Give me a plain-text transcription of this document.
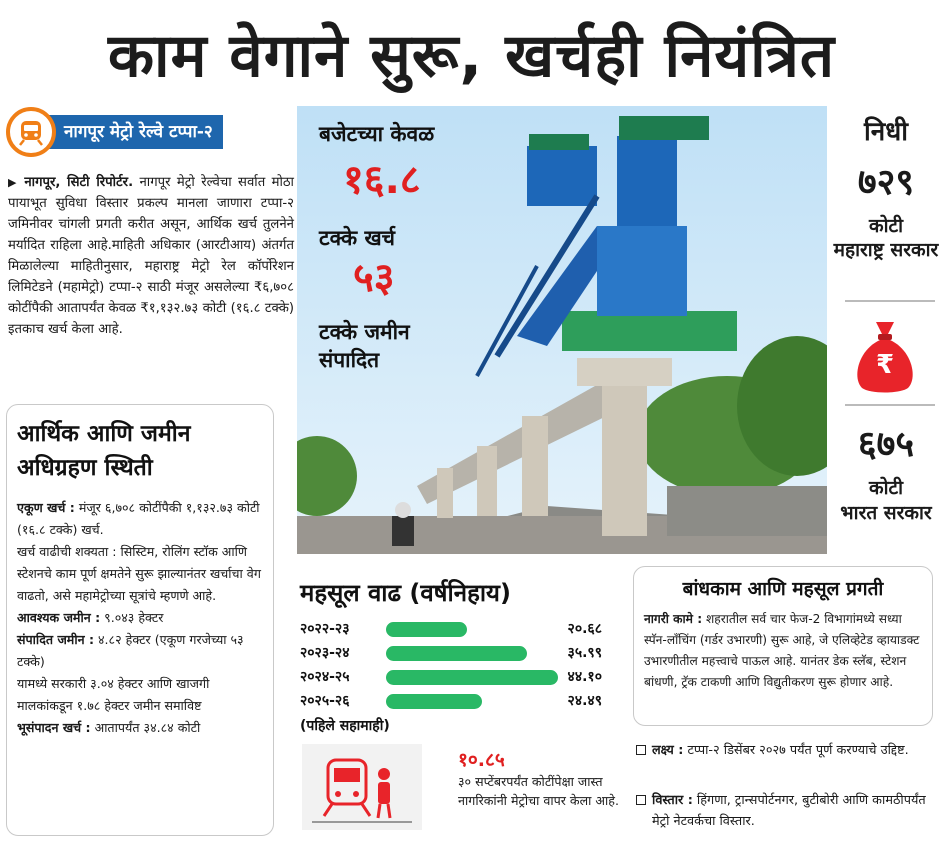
काम वेगाने सुरू, खर्चही नियंत्रित
नागपूर मेट्रो रेल्वे टप्पा-२
▶ नागपूर, सिटी रिपोर्टर. नागपूर मेट्रो रेल्वेचा सर्वात मोठा पायाभूत सुविधा विस्तार प्रकल्प मानला जाणारा टप्पा-२ जमिनीवर चांगली प्रगती करीत असून, आर्थिक खर्च तुलनेने मर्यादित राहिला आहे.माहिती अधिकार (आरटीआय) अंतर्गत मिळालेल्या माहितीनुसार, महाराष्ट्र मेट्रो रेल कॉर्पोरेशन लिमिटेडने (महामेट्रो) टप्पा-२ साठी मंजूर असलेल्या ₹६,७०८ कोटींपैकी आतापर्यंत केवळ ₹१,१३२.७३ कोटी (१६.८ टक्के) इतकाच खर्च केला आहे.
आर्थिक आणि जमीन अधिग्रहण स्थिती

एकूण खर्च : मंजूर ६,७०८ कोटींपैकी १,१३२.७३ कोटी (१६.८ टक्के) खर्च.

खर्च वाढीची शक्यता : सिस्टिम, रोलिंग स्टॉक आणि स्टेशनचे काम पूर्ण क्षमतेने सुरू झाल्यानंतर खर्चाचा वेग वाढतो, असे महामेट्रोच्या सूत्रांचे म्हणणे आहे.

आवश्यक जमीन : ९.०४३ हेक्टर

संपादित जमीन : ४.८२ हेक्टर (एकूण गरजेच्या ५३ टक्के)

यामध्ये सरकारी ३.०४ हेक्टर आणि खाजगी मालकांकडून १.७८ हेक्टर जमीन समाविष्ट

भूसंपादन खर्च : आतापर्यंत ३४.८४ कोटी

बजेटच्या केवळ
१६.८
टक्के खर्च
५३
टक्के जमीन संपादित
निधी
७२९
कोटी
महाराष्ट्र सरकार
₹
६७५
कोटी
भारत सरकार
महसूल वाढ (वर्षनिहाय)
२०२२-२३	२०.६८
२०२३-२४	३५.९९
२०२४-२५	४४.१०
२०२५-२६	२४.४९
(पहिले सहामाही)
१०.८५
३० सप्टेंबरपर्यंत कोटींपेक्षा जास्त नागरिकांनी मेट्रोचा वापर केला आहे.
बांधकाम आणि महसूल प्रगती

नागरी कामे : शहरातील सर्व चार फेज-2 विभागांमध्ये सध्या स्पॅन-लाँचिंग (गर्डर उभारणी) सुरू आहे, जे एलिव्हेटेड व्हायाडक्ट उभारणीतील महत्त्वाचे पाऊल आहे. यानंतर डेक स्लॅब, स्टेशन बांधणी, ट्रॅक टाकणी आणि विद्युतीकरण सुरू होणार आहे.

लक्ष्य : टप्पा-२ डिसेंबर २०२७ पर्यंत पूर्ण करण्याचे उद्दिष्ट.
विस्तार : हिंगणा, ट्रान्सपोर्टनगर, बुटीबोरी आणि कामठीपर्यंत मेट्रो नेटवर्कचा विस्तार.
